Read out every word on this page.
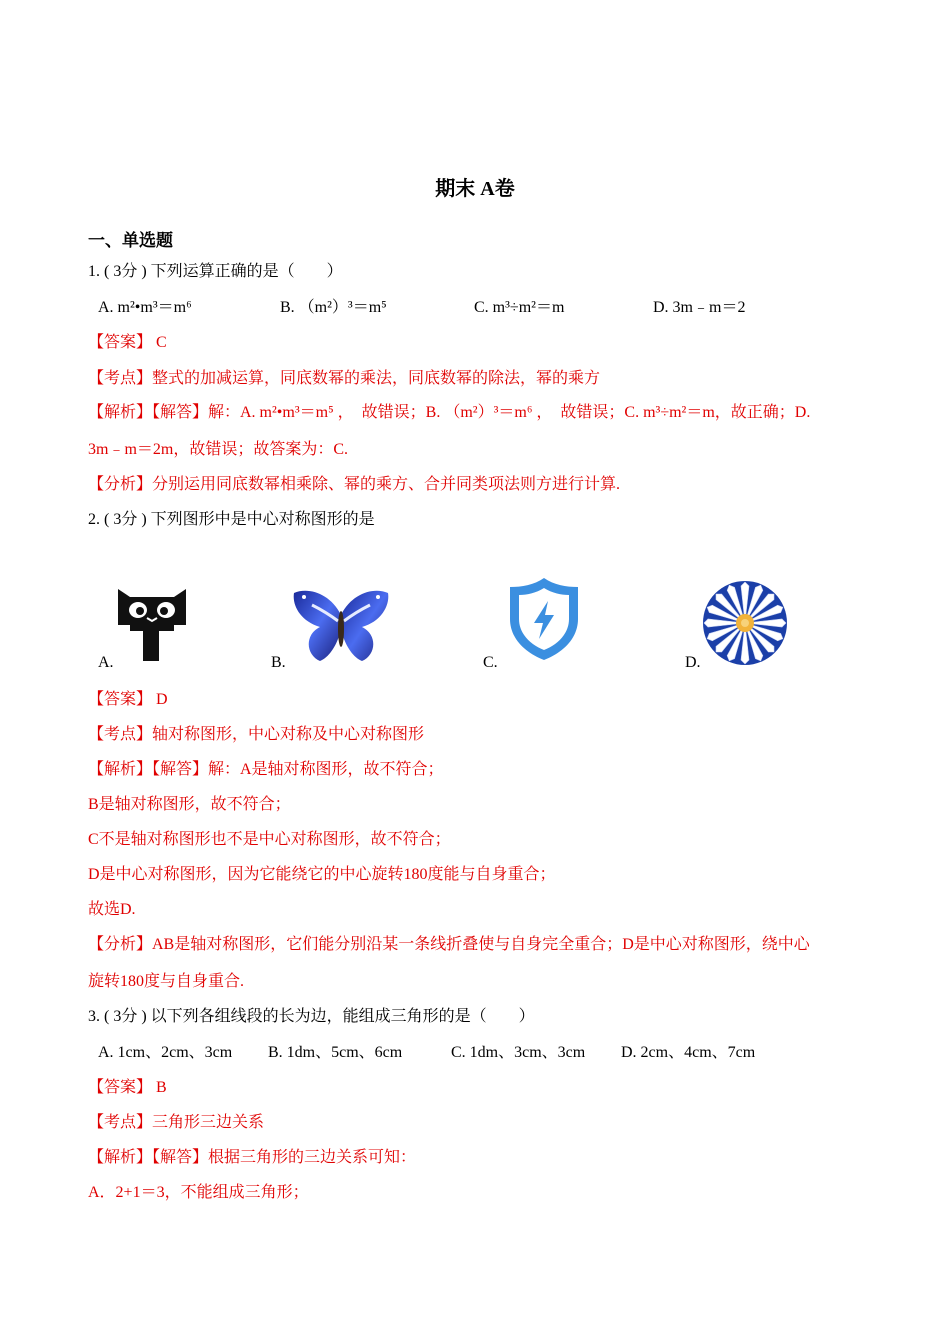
期末 A卷
一、单选题
1. ( 3分 ) 下列运算正确的是（　　）
A. m²•m³＝m⁶	B. （m²）³＝m⁵	C. m³÷m²＝m	D. 3m﹣m＝2
【答案】 C
【考点】整式的加减运算，同底数幂的乘法，同底数幂的除法，幂的乘方
【解析】【解答】解：A. m²•m³＝m⁵ ，　故错误；B. （m²）³＝m⁶ ，　故错误；C. m³÷m²＝m，故正确；D.
3m﹣m＝2m，故错误；故答案为：C.
【分析】分别运用同底数幂相乘除、幂的乘方、合并同类项法则方进行计算.
2. ( 3分 ) 下列图形中是中心对称图形的是
A.	B.	C.	D.
【答案】 D
【考点】轴对称图形，中心对称及中心对称图形
【解析】【解答】解：A是轴对称图形，故不符合；
B是轴对称图形，故不符合；
C不是轴对称图形也不是中心对称图形，故不符合；
D是中心对称图形，因为它能绕它的中心旋转180度能与自身重合；
故选D.
【分析】AB是轴对称图形，它们能分别沿某一条线折叠使与自身完全重合；D是中心对称图形，绕中心
旋转180度与自身重合.
3. ( 3分 ) 以下列各组线段的长为边，能组成三角形的是（　　）
A. 1cm、2cm、3cm B. 1dm、5cm、6cm	C. 1dm、3cm、3cm D. 2cm、4cm、7cm
【答案】 B
【考点】三角形三边关系
【解析】【解答】根据三角形的三边关系可知：
A．2+1＝3，不能组成三角形；
